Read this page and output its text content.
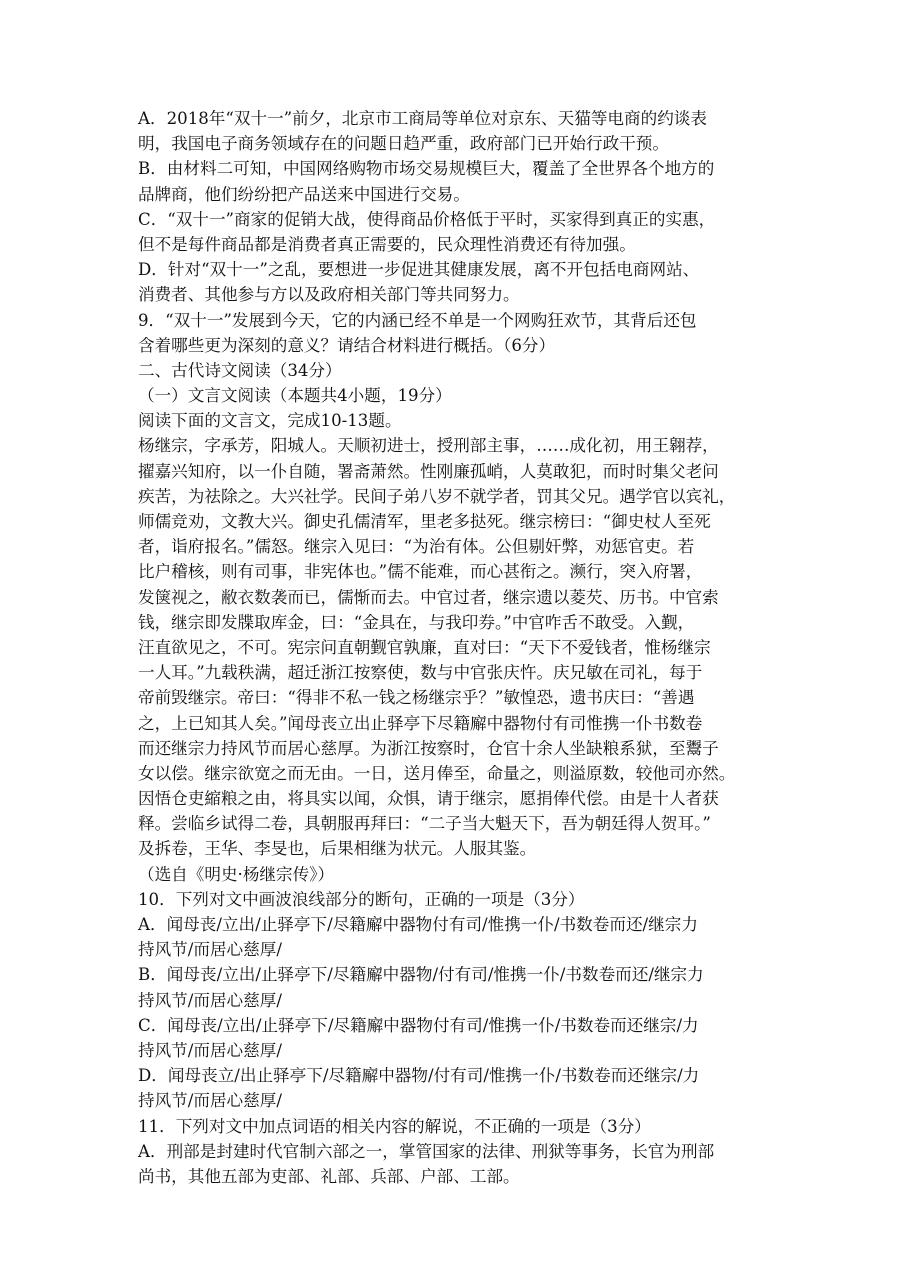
A．2018年“双十一”前夕，北京市工商局等单位对京东、天猫等电商的约谈表
明，我国电子商务领域存在的问题日趋严重，政府部门已开始行政干预。
B．由材料二可知，中国网络购物市场交易规模巨大，覆盖了全世界各个地方的
品牌商，他们纷纷把产品送来中国进行交易。
C．“双十一”商家的促销大战，使得商品价格低于平时，买家得到真正的实惠，
但不是每件商品都是消费者真正需要的，民众理性消费还有待加强。
D．针对“双十一”之乱，要想进一步促进其健康发展，离不开包括电商网站、
消费者、其他参与方以及政府相关部门等共同努力。
9．“双十一”发展到今天，它的内涵已经不单是一个网购狂欢节，其背后还包
含着哪些更为深刻的意义？请结合材料进行概括。（6分）
二、古代诗文阅读（34分）
（一）文言文阅读（本题共4小题，19分）
阅读下面的文言文，完成10-13题。
杨继宗，字承芳，阳城人。天顺初进士，授刑部主事，……成化初，用王翱荐，
擢嘉兴知府，以一仆自随，署斋萧然。性刚廉孤峭，人莫敢犯，而时时集父老问
疾苦，为祛除之。大兴社学。民间子弟八岁不就学者，罚其父兄。遇学官以宾礼，
师儒竞劝，文教大兴。御史孔儒清军，里老多挞死。继宗榜曰：“御史杖人至死
者，诣府报名。”儒怒。继宗入见曰：“为治有体。公但剔奸弊，劝惩官吏。若
比户稽核，则有司事，非宪体也。”儒不能难，而心甚衔之。濒行，突入府署，
发箧视之，敝衣数袭而已，儒惭而去。中官过者，继宗遗以菱芡、历书。中官索
钱，继宗即发牒取库金，曰：“金具在，与我印券。”中官咋舌不敢受。入觐，
汪直欲见之，不可。宪宗问直朝觐官孰廉，直对曰：“天下不爱钱者，惟杨继宗
一人耳。”九载秩满，超迁浙江按察使，数与中官张庆忤。庆兄敏在司礼，每于
帝前毁继宗。帝曰：“得非不私一钱之杨继宗乎？”敏惶恐，遗书庆曰：“善遇
之，上已知其人矣。”闻母丧立出止驿亭下尽籍廨中器物付有司惟携一仆书数卷
而还继宗力持风节而居心慈厚。为浙江按察时，仓官十余人坐缺粮系狱，至鬻子
女以偿。继宗欲宽之而无由。一日，送月俸至，命量之，则溢原数，较他司亦然。
因悟仓吏縮粮之由，将具实以闻，众惧，请于继宗，愿捐俸代偿。由是十人者获
释。尝临乡试得二卷，具朝服再拜曰：“二子当大魁天下，吾为朝廷得人贺耳。”
及拆卷，王华、李旻也，后果相继为状元。人服其鉴。
（选自《明史·杨继宗传》）
10．下列对文中画波浪线部分的断句，正确的一项是（3分）
A．闻母丧/立出/止驿亭下/尽籍廨中器物付有司/惟携一仆/书数卷而还/继宗力
持风节/而居心慈厚/
B．闻母丧/立出/止驿亭下/尽籍廨中器物/付有司/惟携一仆/书数卷而还/继宗力
持风节/而居心慈厚/
C．闻母丧/立出/止驿亭下/尽籍廨中器物付有司/惟携一仆/书数卷而还继宗/力
持风节/而居心慈厚/
D．闻母丧立/出止驿亭下/尽籍廨中器物/付有司/惟携一仆/书数卷而还继宗/力
持风节/而居心慈厚/
11．下列对文中加点词语的相关内容的解说，不正确的一项是（3分）
A．刑部是封建时代官制六部之一，掌管国家的法律、刑狱等事务，长官为刑部
尚书，其他五部为吏部、礼部、兵部、户部、工部。
